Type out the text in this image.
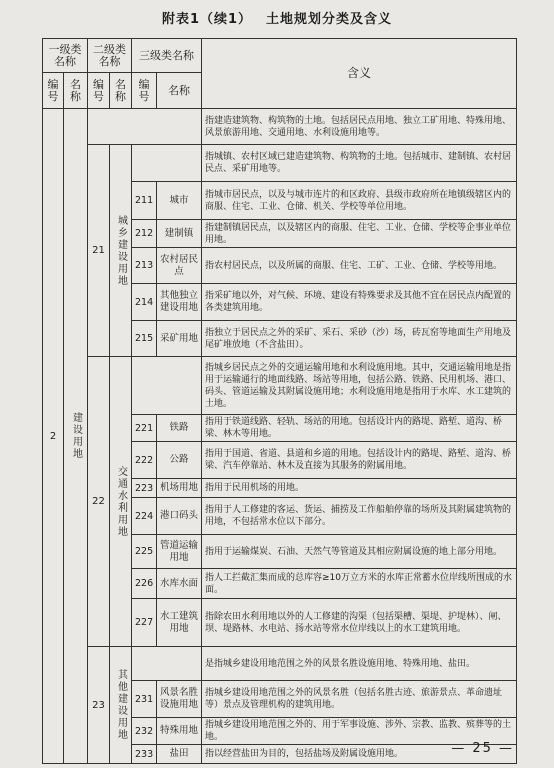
附表1（续1） 土地规划分类及含义
一级类名称		二级类名称		三级类名称		含义
编号	名称	编号	名称	编号	名称	
2	建设用地					指建造建筑物、构筑物的土地。包括居民点用地、独立工矿用地、特殊用地、风景旅游用地、交通用地、水利设施用地等。
		21	城乡建设用地			指城镇、农村区域已建造建筑物、构筑物的土地。包括城市、建制镇、农村居民点、采矿用地等。
				211	城市	指城市居民点，以及与城市连片的和区政府、县级市政府所在地镇级辖区内的商服、住宅、工业、仓储、机关、学校等单位用地。
				212	建制镇	指建制镇居民点，以及辖区内的商服、住宅、工业、仓储、学校等企事业单位用地。
				213	农村居民点	指农村居民点，以及所属的商服、住宅、工矿、工业、仓储、学校等用地。
				214	其他独立建设用地	指采矿地以外，对气候、环境、建设有特殊要求及其他不宜在居民点内配置的各类建筑用地。
				215	采矿用地	指独立于居民点之外的采矿、采石、采砂（沙）场，砖瓦窑等地面生产用地及尾矿堆放地（不含盐田）。
		22	交通水利用地			指城乡居民点之外的交通运输用地和水利设施用地。其中，交通运输用地是指用于运输通行的地面线路、场站等用地，包括公路、铁路、民用机场、港口、码头、管道运输及其附属设施用地；水利设施用地是指用于水库、水工建筑的土地。
				221	铁路	指用于铁道线路、轻轨、场站的用地。包括设计内的路堤、路堑、道沟、桥梁、林木等用地。
				222	公路	指用于国道、省道、县道和乡道的用地。包括设计内的路堤、路堑、道沟、桥梁、汽车停靠站、林木及直接为其服务的附属用地。
				223	机场用地	指用于民用机场的用地。
				224	港口码头	指用于人工修建的客运、货运、捕捞及工作船舶停靠的场所及其附属建筑物的用地，不包括常水位以下部分。
				225	管道运输用地	指用于运输煤炭、石油、天然气等管道及其相应附属设施的地上部分用地。
				226	水库水面	指人工拦截汇集而成的总库容≥10万立方米的水库正常蓄水位岸线所围成的水面。
				227	水工建筑用地	指除农田水利用地以外的人工修建的沟渠（包括渠槽、渠堤、护堤林）、闸、坝、堤路林、水电站、扬水站等常水位岸线以上的水工建筑用地。
		23	其他建设用地			是指城乡建设用地范围之外的风景名胜设施用地、特殊用地、盐田。
				231	风景名胜设施用地	指城乡建设用地范围之外的风景名胜（包括名胜古迹、旅游景点、革命遗址等）景点及管理机构的建筑用地。
				232	特殊用地	指城乡建设用地范围之外的、用于军事设施、涉外、宗教、监教、殡葬等的土地。
				233	盐田	指以经营盐田为目的，包括盐场及附属设施用地。	— 25 —
